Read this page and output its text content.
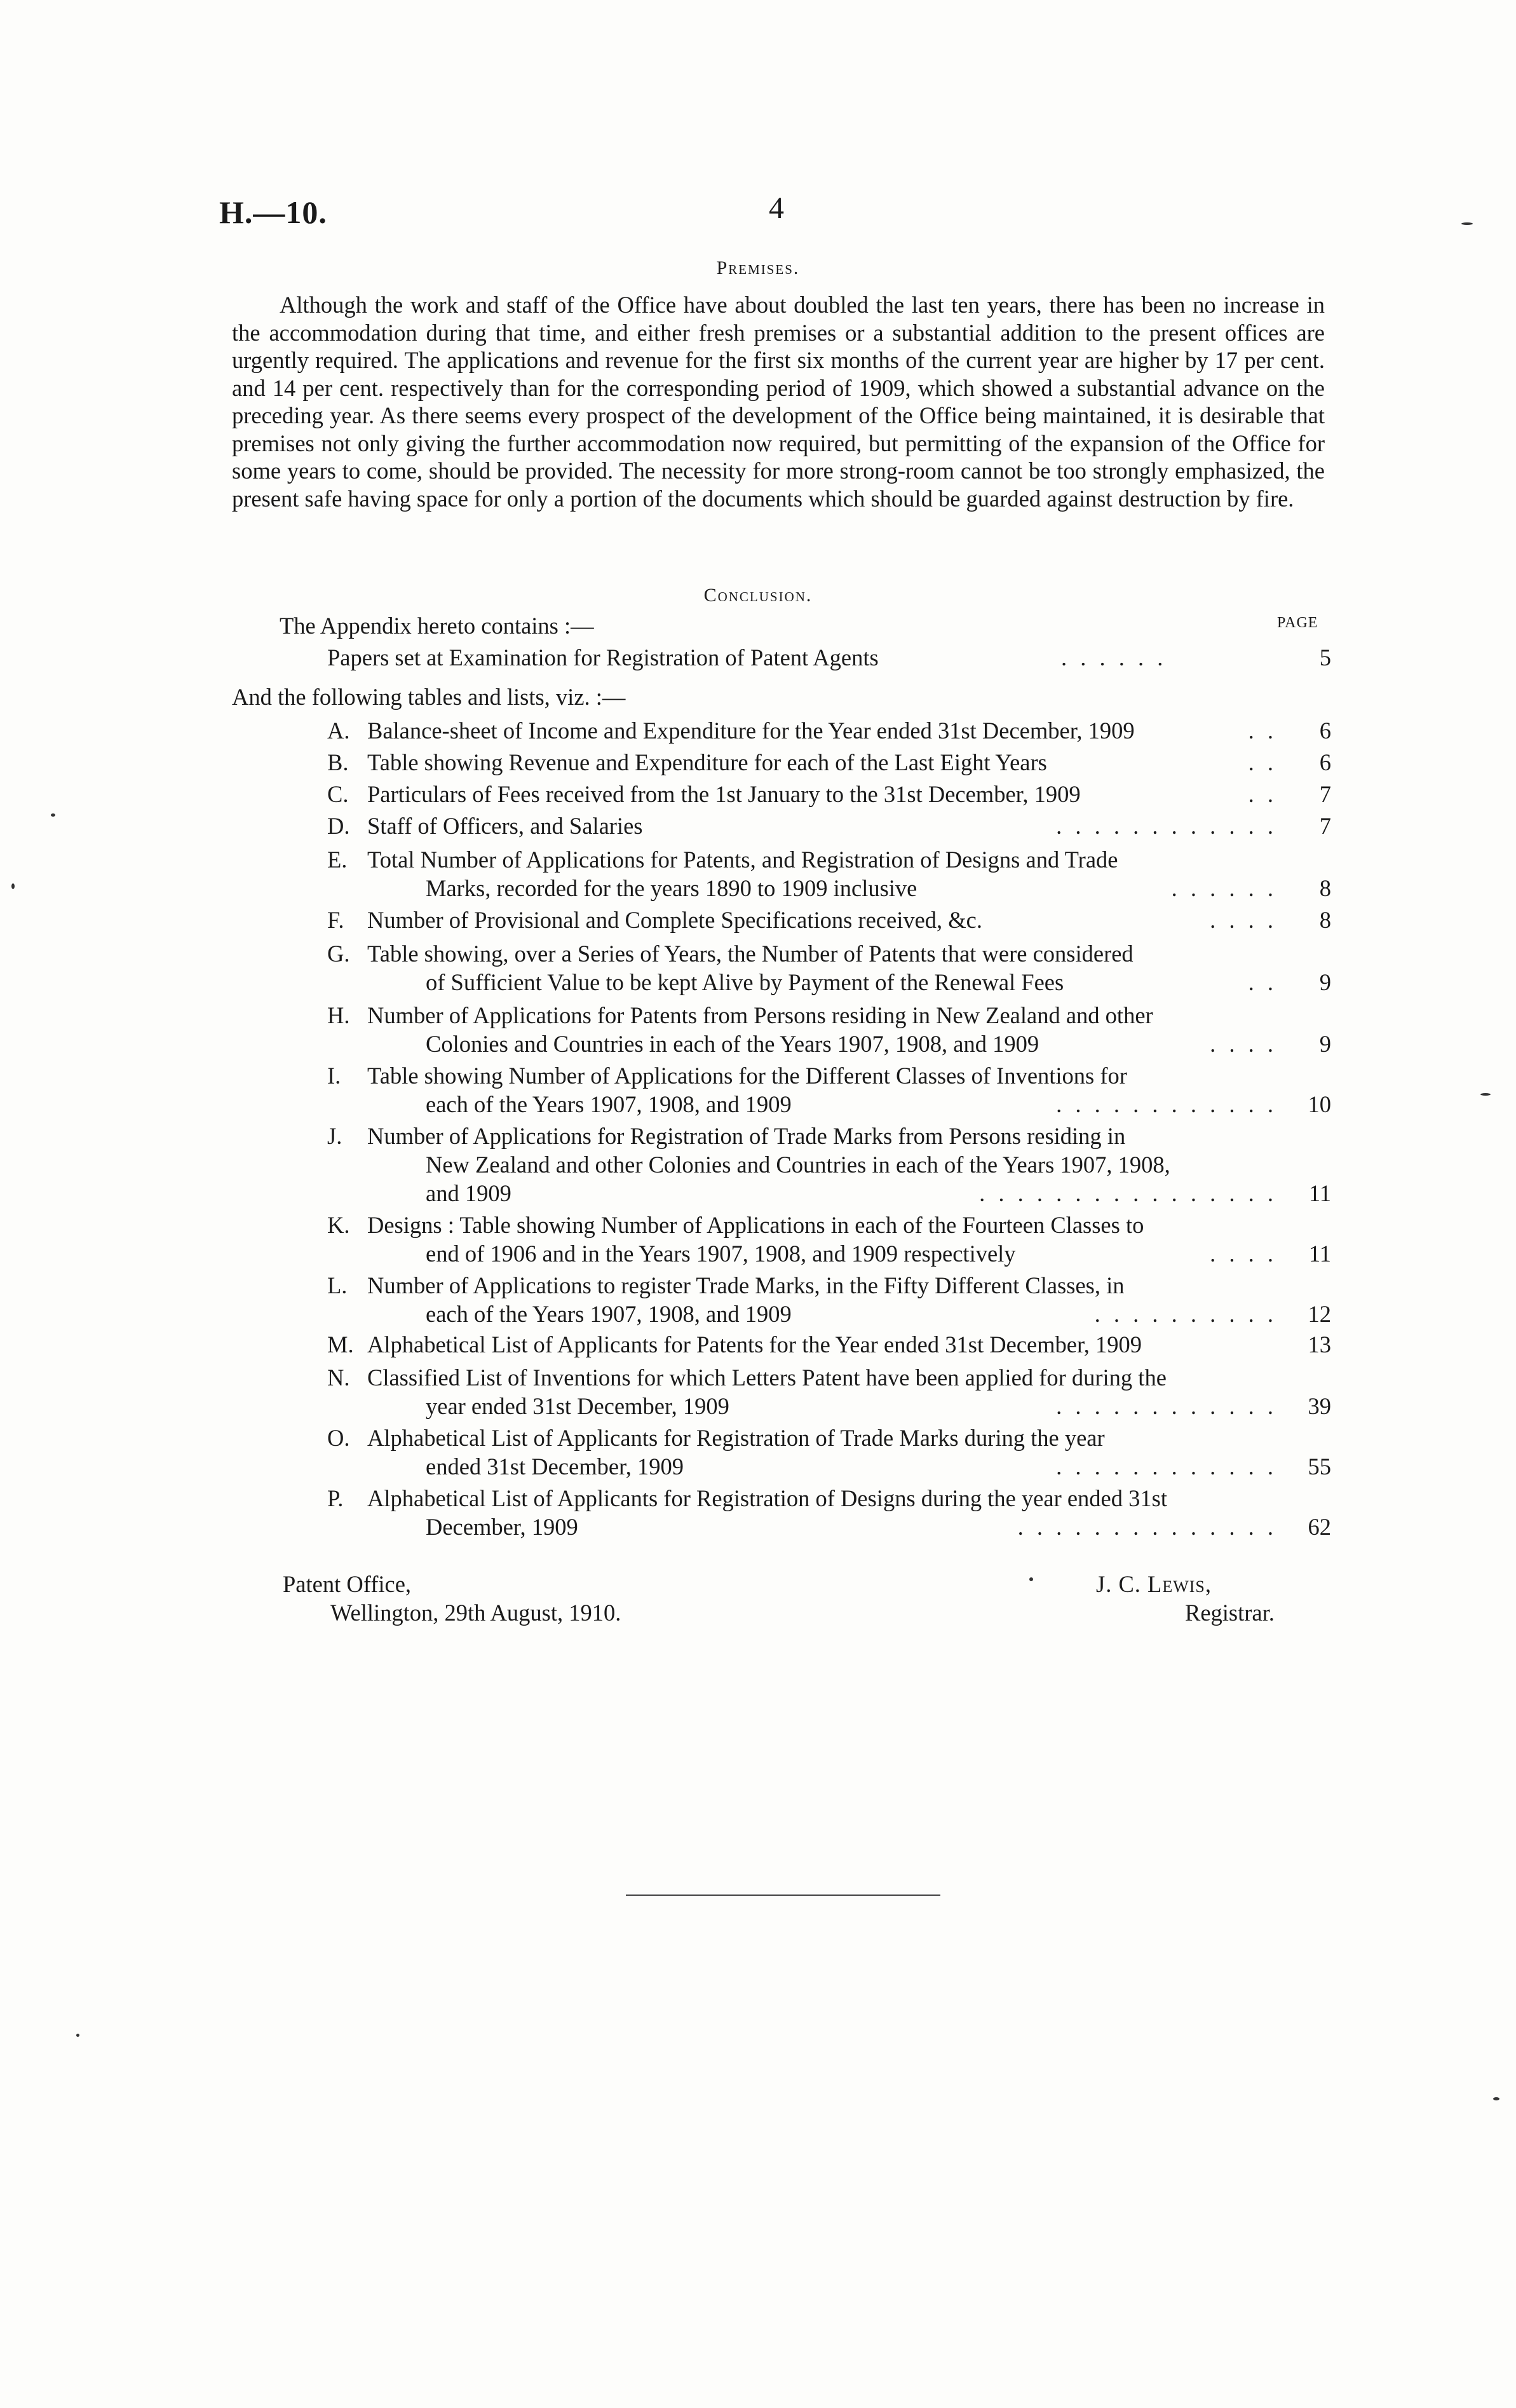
H.—10.	4
Premises.
Although the work and staff of the Office have about doubled the last ten years, there has been no increase in the accommodation during that time, and either fresh premises or a substantial addition to the present offices are urgently required. The applications and revenue for the first six months of the current year are higher by 17 per cent. and 14 per cent. respectively than for the corresponding period of 1909, which showed a substantial advance on the preceding year. As there seems every prospect of the development of the Office being maintained, it is desirable that premises not only giving the further accommodation now required, but permitting of the expansion of the Office for some years to come, should be provided. The necessity for more strong-room cannot be too strongly emphasized, the present safe having space for only a portion of the documents which should be guarded against destruction by fire.
Conclusion.
The Appendix hereto contains :—	PAGE
Papers set at Examination for Registration of Patent Agents	. . . . . .	5
And the following tables and lists, viz. :—
A. Balance-sheet of Income and Expenditure for the Year ended 31st December, 1909	. .	6
B. Table showing Revenue and Expenditure for each of the Last Eight Years	. .	6
C. Particulars of Fees received from the 1st January to the 31st December, 1909	. .	7
D. Staff of Officers, and Salaries	. . . . . . . . . . . .	7
E. Total Number of Applications for Patents, and Registration of Designs and Trade
Marks, recorded for the years 1890 to 1909 inclusive	. . . . . .	8
F. Number of Provisional and Complete Specifications received, &c.	. . . .	8
G. Table showing, over a Series of Years, the Number of Patents that were considered
of Sufficient Value to be kept Alive by Payment of the Renewal Fees	. .	9
H. Number of Applications for Patents from Persons residing in New Zealand and other
Colonies and Countries in each of the Years 1907, 1908, and 1909	. . . .	9
I.	Table showing Number of Applications for the Different Classes of Inventions for
each of the Years 1907, 1908, and 1909	. . . . . . . . . . . .	10
J.	Number of Applications for Registration of Trade Marks from Persons residing in
New Zealand and other Colonies and Countries in each of the Years 1907, 1908,
and 1909	. . . . . . . . . . . . . . . .	11
K. Designs : Table showing Number of Applications in each of the Fourteen Classes to
end of 1906 and in the Years 1907, 1908, and 1909 respectively	. . . .	11
L. Number of Applications to register Trade Marks, in the Fifty Different Classes, in
each of the Years 1907, 1908, and 1909	. . . . . . . . . .	12
M. Alphabetical List of Applicants for Patents for the Year ended 31st December, 1909	13
N. Classified List of Inventions for which Letters Patent have been applied for during the
year ended 31st December, 1909	. . . . . . . . . . . .	39
O. Alphabetical List of Applicants for Registration of Trade Marks during the year
ended 31st December, 1909	. . . . . . . . . . . .	55
P.	Alphabetical List of Applicants for Registration of Designs during the year ended 31st
December, 1909	. . . . . . . . . . . . . .	62
Patent Office,
Wellington, 29th August, 1910.
J. C. Lewis,
Registrar.
